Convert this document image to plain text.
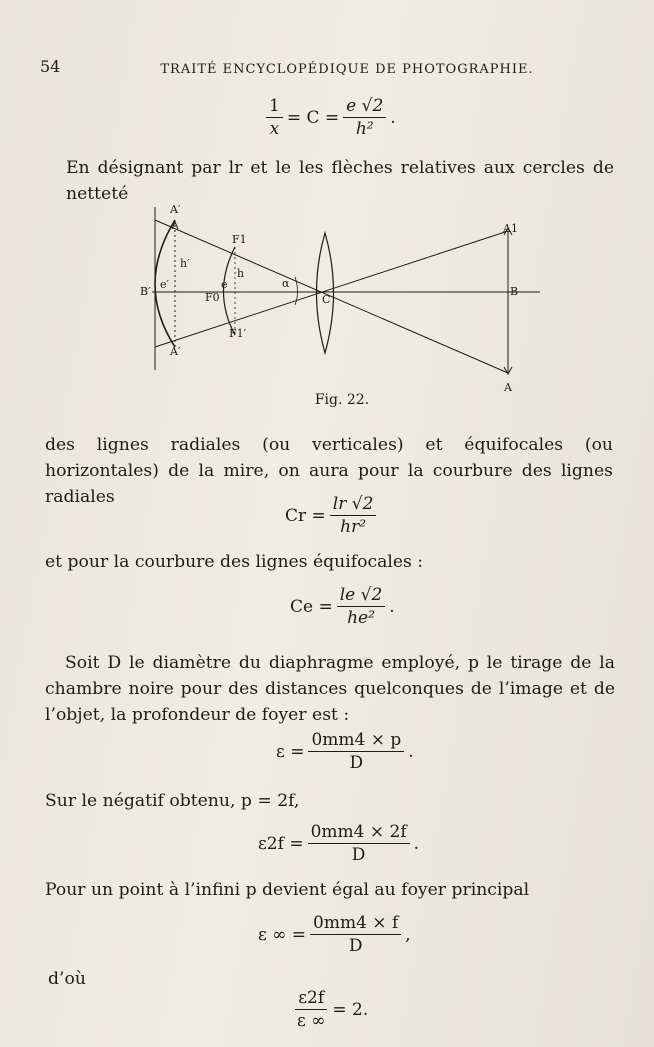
54	TRAITÉ ENCYCLOPÉDIQUE DE PHOTOGRAPHIE.
$\frac{1}{x} = C = \frac{e √2}{\text{h²}}$ .
En désignant par lr et le les flèches relatives aux cercles de netteté
A′
A′
B′
e′
h′
F1
F0
F1′
e
h
α
C
A1
B
A
Fig. 22.
des lignes radiales (ou verticales) et équifocales (ou horizontales) de la mire, on aura pour la courbure des lignes radiales
$Cr = \frac{lr √2}{\text{hr²}}$
et pour la courbure des lignes équifocales :
$Ce = \frac{le √2}{\text{he²}}$ .
Soit D le diamètre du diaphragme employé, p le tirage de la chambre noire pour des distances quelconques de l’image et de l’objet, la profondeur de foyer est :
$\varepsilon = \frac{0mm4 \times p}{D}$ .
Sur le négatif obtenu, p = 2f,
$\varepsilon 2f = \frac{0mm4 \times 2f}{D}$ .
Pour un point à l’infini p devient égal au foyer principal
ε ∞ = $\frac{0mm4 \times f}{D}$ ,
d’où
$\frac{\varepsilon 2f}{\varepsilon \infty} = 2$.
